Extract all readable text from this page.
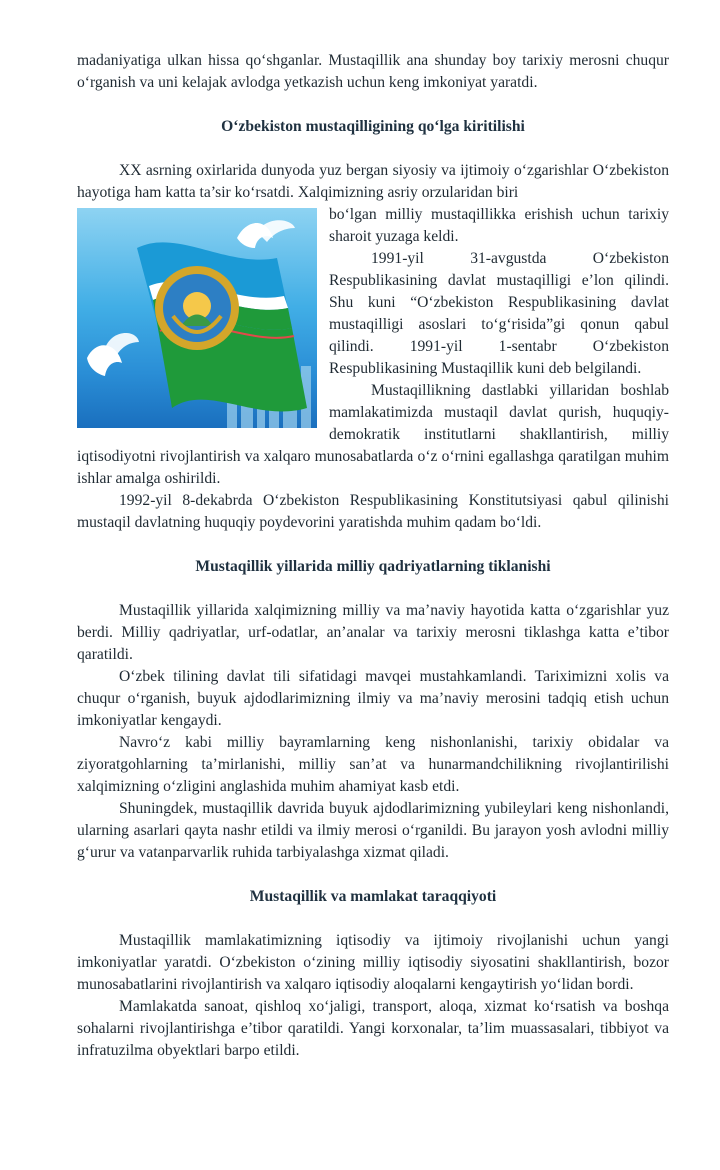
madaniyatiga ulkan hissa qo‘shganlar. Mustaqillik ana shunday boy tarixiy merosni chuqur o‘rganish va uni kelajak avlodga yetkazish uchun keng imkoniyat yaratdi.

O‘zbekiston mustaqilligining qo‘lga kiritilishi

XX asrning oxirlarida dunyoda yuz bergan siyosiy va ijtimoiy o‘zgarishlar O‘zbekiston hayotiga ham katta ta’sir ko‘rsatdi. Xalqimizning asriy orzularidan biri

bo‘lgan milliy mustaqillikka erishish uchun tarixiy sharoit yuzaga keldi.

1991-yil 31-avgustda O‘zbekiston Respublikasining davlat mustaqilligi e’lon qilindi. Shu kuni “O‘zbekiston Respublikasining davlat mustaqilligi asoslari to‘g‘risida”gi qonun qabul qilindi. 1991-yil 1-sentabr O‘zbekiston Respublikasining Mustaqillik kuni deb belgilandi.

Mustaqillikning dastlabki yillaridan boshlab mamlakatimizda mustaqil davlat qurish, huquqiy-demokratik institutlarni shakllantirish, milliy iqtisodiyotni rivojlantirish va xalqaro munosabatlarda o‘z o‘rnini egallashga qaratilgan muhim ishlar amalga oshirildi.

1992-yil 8-dekabrda O‘zbekiston Respublikasining Konstitutsiyasi qabul qilinishi mustaqil davlatning huquqiy poydevorini yaratishda muhim qadam bo‘ldi.

Mustaqillik yillarida milliy qadriyatlarning tiklanishi

Mustaqillik yillarida xalqimizning milliy va ma’naviy hayotida katta o‘zgarishlar yuz berdi. Milliy qadriyatlar, urf-odatlar, an’analar va tarixiy merosni tiklashga katta e’tibor qaratildi.

O‘zbek tilining davlat tili sifatidagi mavqei mustahkamlandi. Tariximizni xolis va chuqur o‘rganish, buyuk ajdodlarimizning ilmiy va ma’naviy merosini tadqiq etish uchun imkoniyatlar kengaydi.

Navro‘z kabi milliy bayramlarning keng nishonlanishi, tarixiy obidalar va ziyoratgohlarning ta’mirlanishi, milliy san’at va hunarmandchilikning rivojlantirilishi xalqimizning o‘zligini anglashida muhim ahamiyat kasb etdi.

Shuningdek, mustaqillik davrida buyuk ajdodlarimizning yubileylari keng nishonlandi, ularning asarlari qayta nashr etildi va ilmiy merosi o‘rganildi. Bu jarayon yosh avlodni milliy g‘urur va vatanparvarlik ruhida tarbiyalashga xizmat qiladi.

Mustaqillik va mamlakat taraqqiyoti

Mustaqillik mamlakatimizning iqtisodiy va ijtimoiy rivojlanishi uchun yangi imkoniyatlar yaratdi. O‘zbekiston o‘zining milliy iqtisodiy siyosatini shakllantirish, bozor munosabatlarini rivojlantirish va xalqaro iqtisodiy aloqalarni kengaytirish yo‘lidan bordi.

Mamlakatda sanoat, qishloq xo‘jaligi, transport, aloqa, xizmat ko‘rsatish va boshqa sohalarni rivojlantirishga e’tibor qaratildi. Yangi korxonalar, ta’lim muassasalari, tibbiyot va infratuzilma obyektlari barpo etildi.
